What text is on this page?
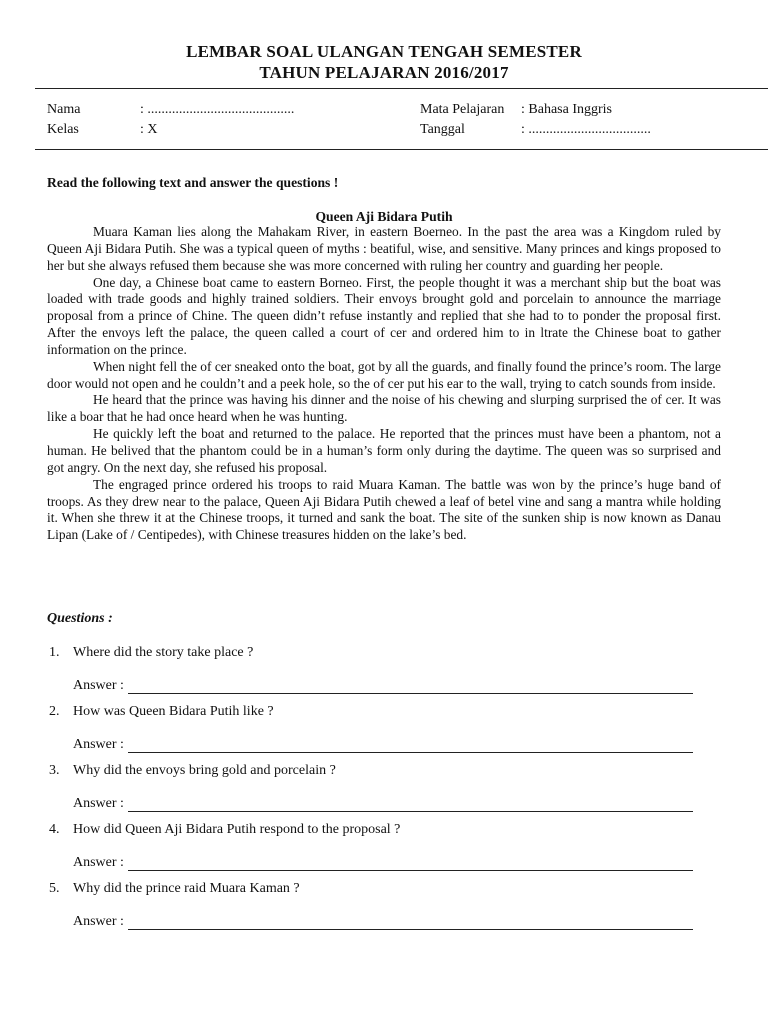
LEMBAR SOAL ULANGAN TENGAH SEMESTER
TAHUN PELAJARAN 2016/2017
Nama	: ..........................................
Kelas	: X
Mata Pelajaran : Bahasa Inggris
Tanggal	: ...................................
Read the following text and answer the questions !
Queen Aji Bidara Putih

Muara Kaman lies along the Mahakam River, in eastern Boerneo. In the past the area was a Kingdom ruled by Queen Aji Bidara Putih. She was a typical queen of myths : beatiful, wise, and sensitive. Many princes and kings proposed to her but she always refused them because she was more concerned with ruling her country and guarding her people.

One day, a Chinese boat came to eastern Borneo. First, the people thought it was a merchant ship but the boat was loaded with trade goods and highly trained soldiers. Their envoys brought gold and porcelain to announce the marriage proposal from a prince of Chine. The queen didn’t refuse instantly and replied that she had to to ponder the proposal first. After the envoys left the palace, the queen called a court of cer and ordered him to in ltrate the Chinese boat to gather information on the prince.

When night fell the of cer sneaked onto the boat, got by all the guards, and finally found the prince’s room. The large door would not open and he couldn’t and a peek hole, so the of cer put his ear to the wall, trying to catch sounds from inside.

He heard that the prince was having his dinner and the noise of his chewing and slurping surprised the of cer. It was like a boar that he had once heard when he was hunting.

He quickly left the boat and returned to the palace. He reported that the princes must have been a phantom, not a human. He belived that the phantom could be in a human’s form only during the daytime. The queen was so surprised and got angry. On the next day, she refused his proposal.

The engraged prince ordered his troops to raid Muara Kaman. The battle was won by the prince’s huge band of troops. As they drew near to the palace, Queen Aji Bidara Putih chewed a leaf of betel vine and sang a mantra while holding it. When she threw it at the Chinese troops, it turned and sank the boat. The site of the sunken ship is now known as Danau Lipan (Lake of / Centipedes), with Chinese treasures hidden on the lake’s bed.

Questions :
1. Where did the story take place ?
Answer :
2. How was Queen Bidara Putih like ?
Answer :
3. Why did the envoys bring gold and porcelain ?
Answer :
4. How did Queen Aji Bidara Putih respond to the proposal ?
Answer :
5. Why did the prince raid Muara Kaman ?
Answer :
